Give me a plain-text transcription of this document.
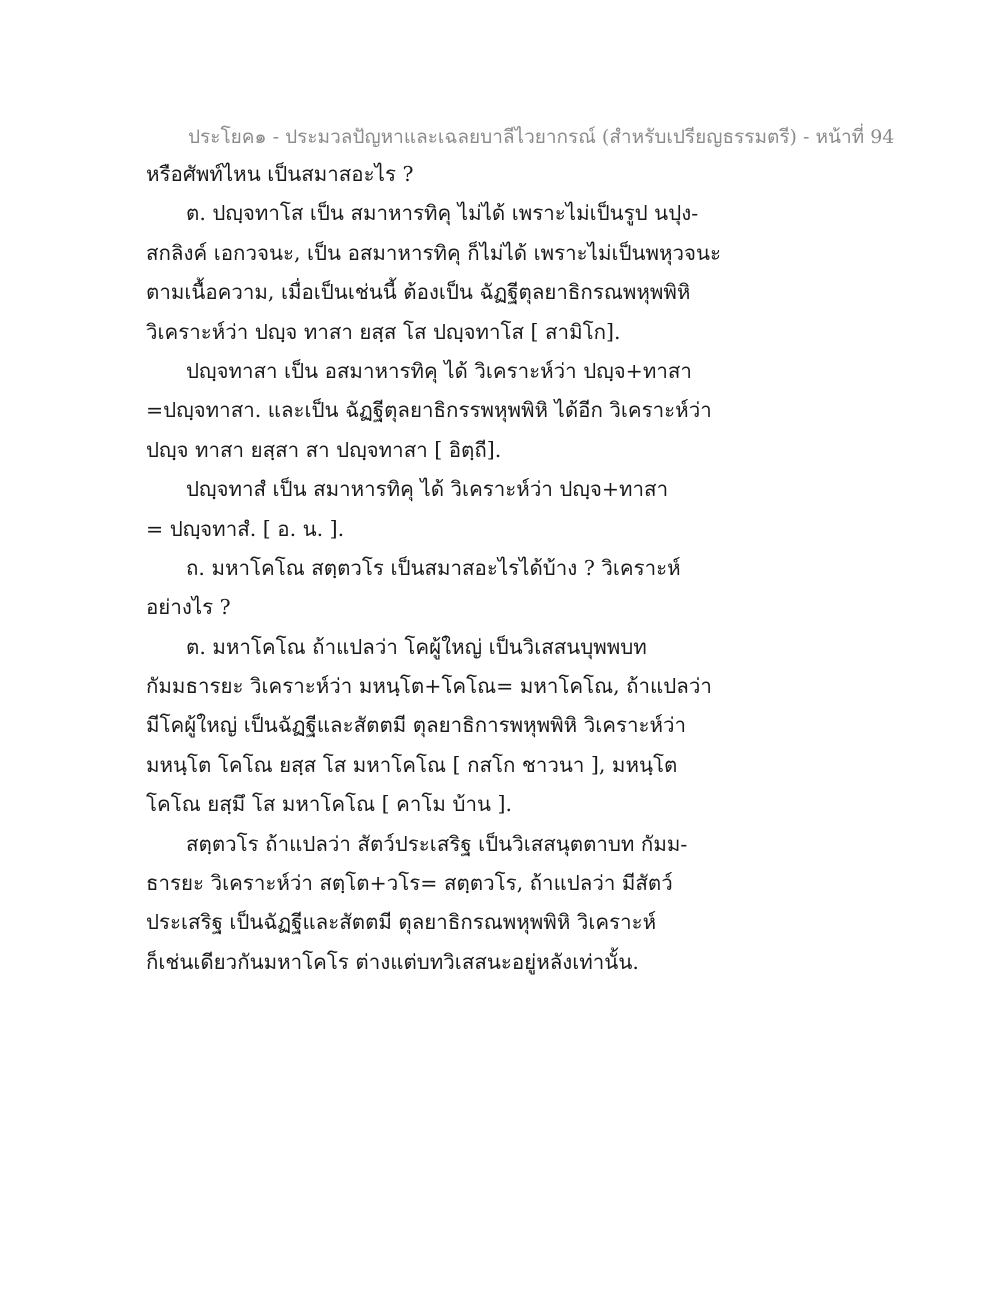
ประโยค๑ - ประมวลปัญหาและเฉลยบาลีไวยากรณ์ (สำหรับเปรียญธรรมตรี) - หน้าที่ 94
หรือศัพท์ไหน เป็นสมาสอะไร ?
ต. ปญฺจทาโส เป็น สมาหารทิคุ ไม่ได้ เพราะไม่เป็นรูป นปุง-
สกลิงค์ เอกวจนะ, เป็น อสมาหารทิคุ ก็ไม่ได้ เพราะไม่เป็นพหุวจนะ
ตามเนื้อความ, เมื่อเป็นเช่นนี้ ต้องเป็น ฉัฏฐีตุลยาธิกรณพหุพพิหิ
วิเคราะห์ว่า ปญฺจ ทาสา ยสฺส โส ปญฺจทาโส [ สามิโก].
ปญฺจทาสา เป็น อสมาหารทิคุ ได้ วิเคราะห์ว่า ปญฺจ+ทาสา
=ปญฺจทาสา. และเป็น ฉัฏฐีตุลยาธิกรรพหุพพิหิ ได้อีก วิเคราะห์ว่า
ปญฺจ ทาสา ยสฺสา สา ปญฺจทาสา [ อิตฺถี].
ปญฺจทาสํ เป็น สมาหารทิคุ ได้ วิเคราะห์ว่า ปญฺจ+ทาสา
= ปญฺจทาสํ. [ อ. น. ].
ถ. มหาโคโณ สตฺตวโร เป็นสมาสอะไรได้บ้าง ? วิเคราะห์
อย่างไร ?
ต. มหาโคโณ ถ้าแปลว่า โคผู้ใหญ่ เป็นวิเสสนบุพพบท
กัมมธารยะ วิเคราะห์ว่า มหนฺโต+โคโณ= มหาโคโณ, ถ้าแปลว่า
มีโคผู้ใหญ่ เป็นฉัฏฐีและสัตตมี ตุลยาธิการพหุพพิหิ วิเคราะห์ว่า
มหนฺโต โคโณ ยสฺส โส มหาโคโณ [ กสโก ชาวนา ], มหนฺโต
โคโณ ยสฺมึ โส มหาโคโณ [ คาโม บ้าน ].
สตฺตวโร ถ้าแปลว่า สัตว์ประเสริฐ เป็นวิเสสนุตตาบท กัมม-
ธารยะ วิเคราะห์ว่า สตฺโต+วโร= สตฺตวโร, ถ้าแปลว่า มีสัตว์
ประเสริฐ เป็นฉัฏฐีและสัตตมี ตุลยาธิกรณพหุพพิหิ วิเคราะห์
ก็เช่นเดียวกันมหาโคโร ต่างแต่บทวิเสสนะอยู่หลังเท่านั้น.
